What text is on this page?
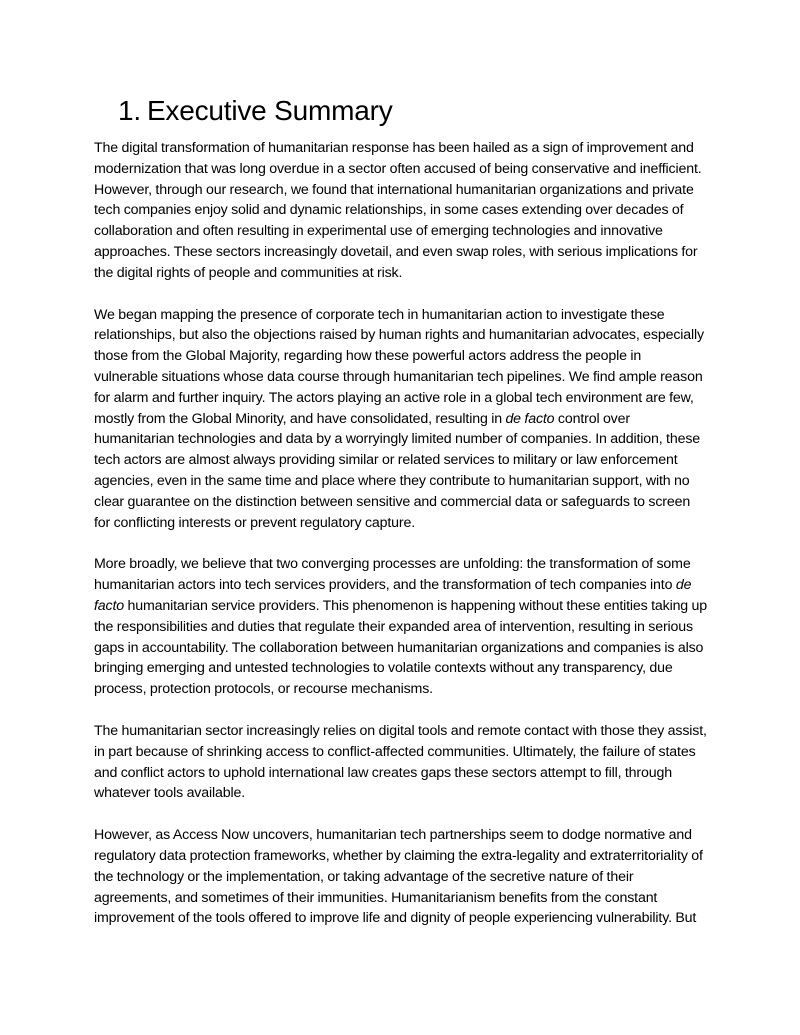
1. Executive Summary

The digital transformation of humanitarian response has been hailed as a sign of improvement and modernization that was long overdue in a sector often accused of being conservative and inefficient. However, through our research, we found that international humanitarian organizations and private tech companies enjoy solid and dynamic relationships, in some cases extending over decades of collaboration and often resulting in experimental use of emerging technologies and innovative approaches. These sectors increasingly dovetail, and even swap roles, with serious implications for the digital rights of people and communities at risk.

We began mapping the presence of corporate tech in humanitarian action to investigate these relationships, but also the objections raised by human rights and humanitarian advocates, especially those from the Global Majority, regarding how these powerful actors address the people in vulnerable situations whose data course through humanitarian tech pipelines. We find ample reason for alarm and further inquiry. The actors playing an active role in a global tech environment are few, mostly from the Global Minority, and have consolidated, resulting in de facto control over humanitarian technologies and data by a worryingly limited number of companies. In addition, these tech actors are almost always providing similar or related services to military or law enforcement agencies, even in the same time and place where they contribute to humanitarian support, with no clear guarantee on the distinction between sensitive and commercial data or safeguards to screen for conflicting interests or prevent regulatory capture.

More broadly, we believe that two converging processes are unfolding: the transformation of some humanitarian actors into tech services providers, and the transformation of tech companies into de facto humanitarian service providers. This phenomenon is happening without these entities taking up the responsibilities and duties that regulate their expanded area of intervention, resulting in serious gaps in accountability. The collaboration between humanitarian organizations and companies is also bringing emerging and untested technologies to volatile contexts without any transparency, due process, protection protocols, or recourse mechanisms.

The humanitarian sector increasingly relies on digital tools and remote contact with those they assist, in part because of shrinking access to conflict-affected communities. Ultimately, the failure of states and conflict actors to uphold international law creates gaps these sectors attempt to fill, through whatever tools available.

However, as Access Now uncovers, humanitarian tech partnerships seem to dodge normative and regulatory data protection frameworks, whether by claiming the extra-legality and extraterritoriality of the technology or the implementation, or taking advantage of the secretive nature of their agreements, and sometimes of their immunities. Humanitarianism benefits from the constant improvement of the tools offered to improve life and dignity of people experiencing vulnerability. But
